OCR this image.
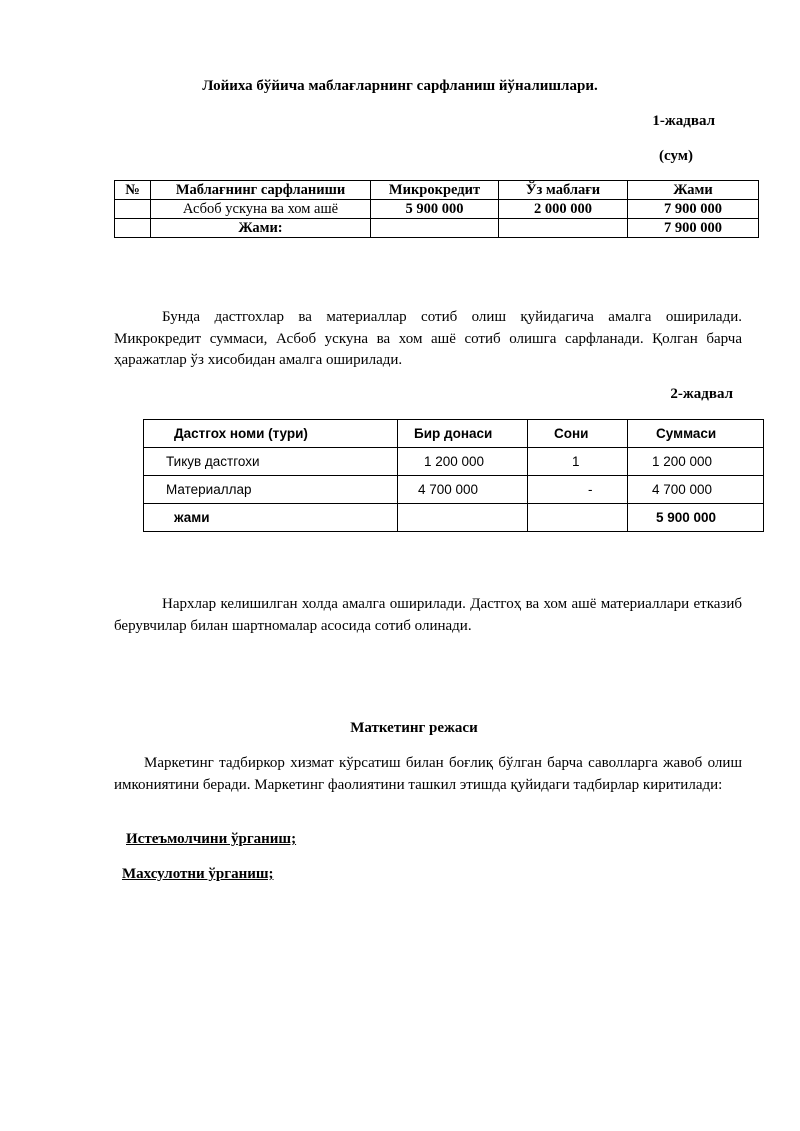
Лойиха бўйича маблағларнинг сарфланиш йўналишлари.
1-жадвал
(сум)
№	Маблағнинг сарфланиши	Микрокредит	Ўз маблағи	Жами
	Асбоб ускуна ва хом ашё	5 900 000	2 000 000	7 900 000
	Жами:			7 900 000
Бунда дастгохлар ва материаллар сотиб олиш қуйидагича амалга оширилади. Микрокредит суммаси, Асбоб ускуна ва хом ашё сотиб олишга сарфланади. Қолган барча ҳаражатлар ўз хисобидан амалга оширилади.
2-жадвал
Дастгох номи (тури)	Бир донаси	Сони	Суммаси
Тикув дастгохи	1 200 000	1	1 200 000
Материаллар	4 700 000	-	4 700 000
жами			5 900 000
Нархлар келишилган холда амалга оширилади. Дастгоҳ ва хом ашё материаллари етказиб берувчилар билан шартномалар асосида сотиб олинади.
Маткетинг режаси
Маркетинг тадбиркор хизмат кўрсатиш билан боғлиқ бўлган барча саволларга жавоб олиш имкониятини беради. Маркетинг фаолиятини ташкил этишда қуйидаги тадбирлар киритилади:
Истеъмолчини ўрганиш;
Махсулотни ўрганиш;
